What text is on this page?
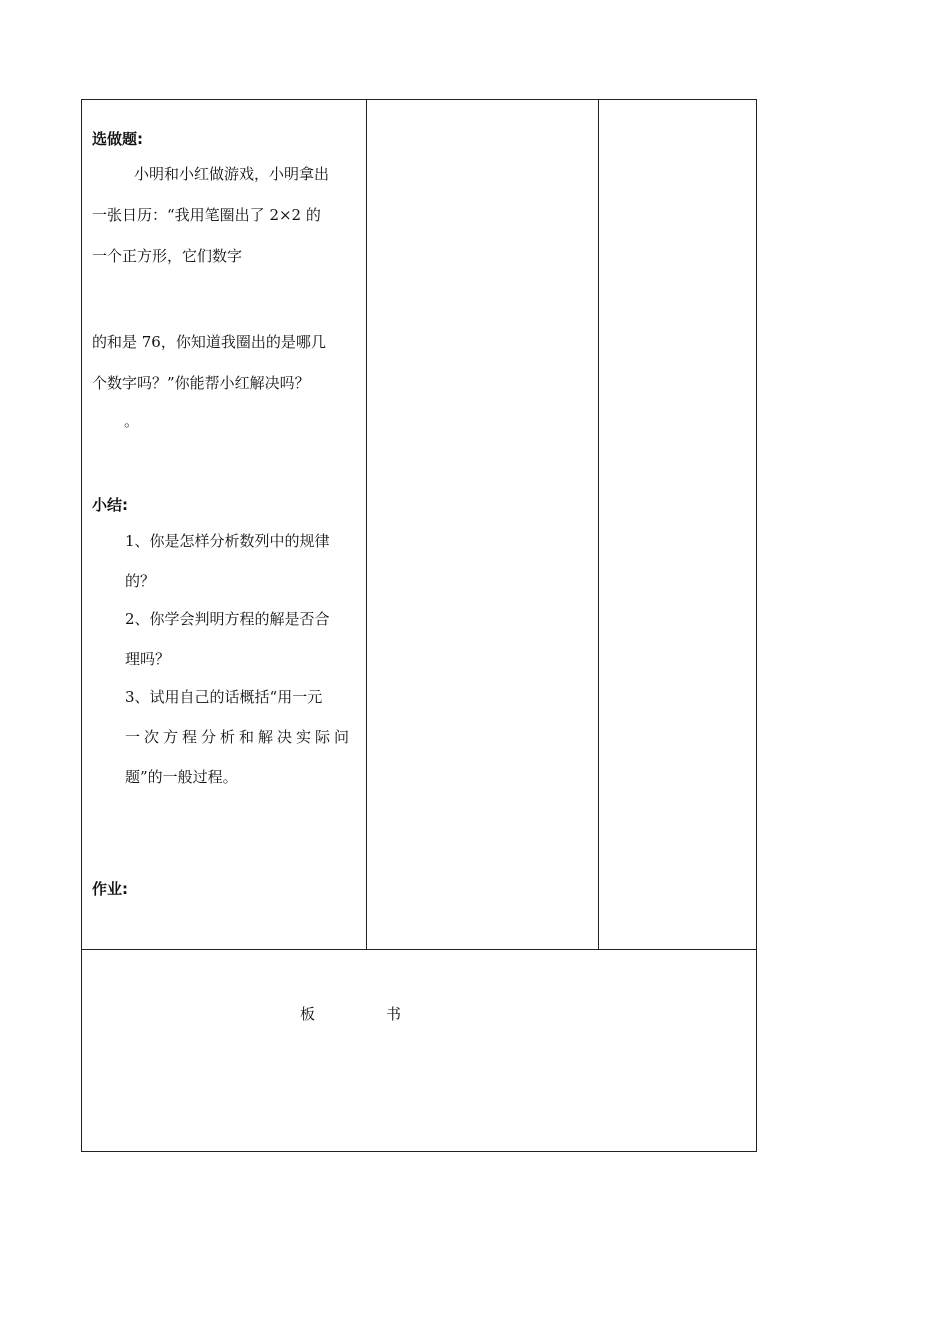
选做题:
小明和小红做游戏，小明拿出
一张日历：“我用笔圈出了 2×2 的
一个正方形，它们数字
的和是 76，你知道我圈出的是哪几
个数字吗？”你能帮小红解决吗？
。
小结:
1、你是怎样分析数列中的规律
的？
2、你学会判明方程的解是否合
理吗？
3、试用自己的话概括“用一元
一次方程分析和解决实际问
题”的一般过程。
作业:
板	书
